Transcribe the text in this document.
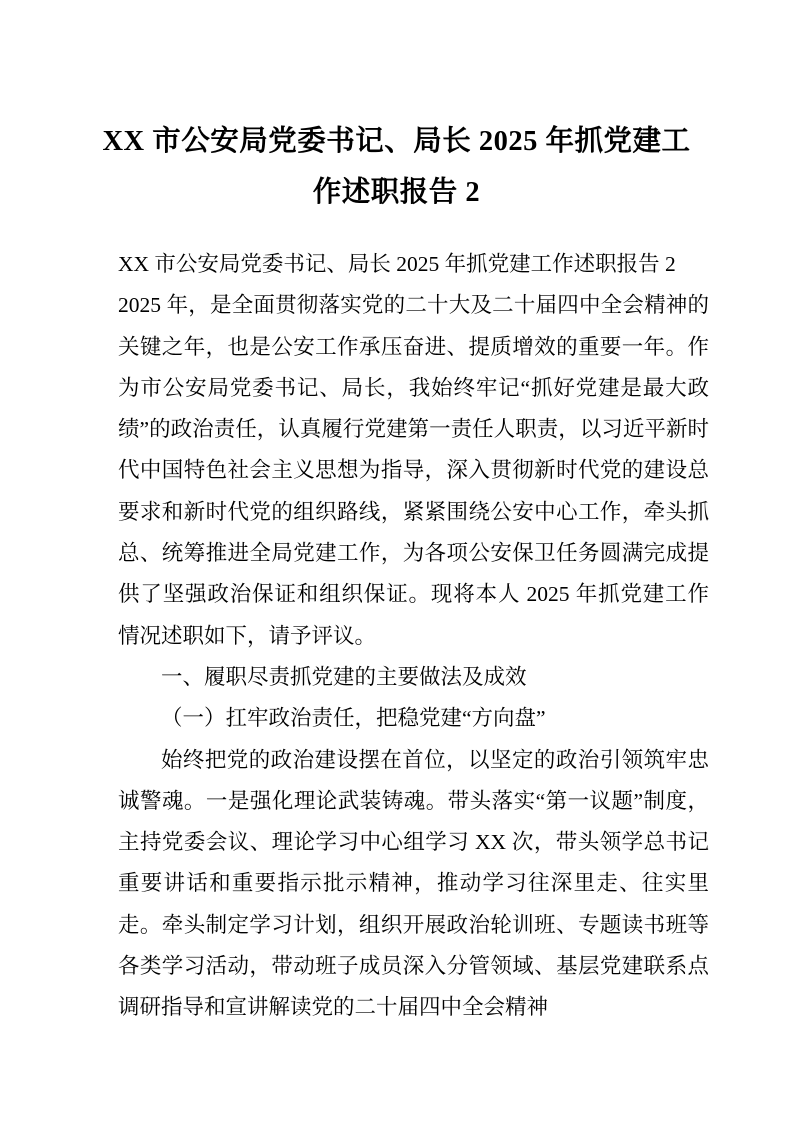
XX 市公安局党委书记、局长 2025 年抓党建工作述职报告 2

XX 市公安局党委书记、局长 2025 年抓党建工作述职报告 2

2025 年，是全面贯彻落实党的二十大及二十届四中全会精神的关键之年，也是公安工作承压奋进、提质增效的重要一年。作为市公安局党委书记、局长，我始终牢记“抓好党建是最大政绩”的政治责任，认真履行党建第一责任人职责，以习近平新时代中国特色社会主义思想为指导，深入贯彻新时代党的建设总要求和新时代党的组织路线，紧紧围绕公安中心工作，牵头抓总、统筹推进全局党建工作，为各项公安保卫任务圆满完成提供了坚强政治保证和组织保证。现将本人 2025 年抓党建工作情况述职如下，请予评议。

一、履职尽责抓党建的主要做法及成效

（一）扛牢政治责任，把稳党建“方向盘”

始终把党的政治建设摆在首位，以坚定的政治引领筑牢忠诚警魂。一是强化理论武装铸魂。带头落实“第一议题”制度，主持党委会议、理论学习中心组学习 XX 次，带头领学总书记重要讲话和重要指示批示精神，推动学习往深里走、往实里走。牵头制定学习计划，组织开展政治轮训班、专题读书班等各类学习活动，带动班子成员深入分管领域、基层党建联系点调研指导和宣讲解读党的二十届四中全会精神
